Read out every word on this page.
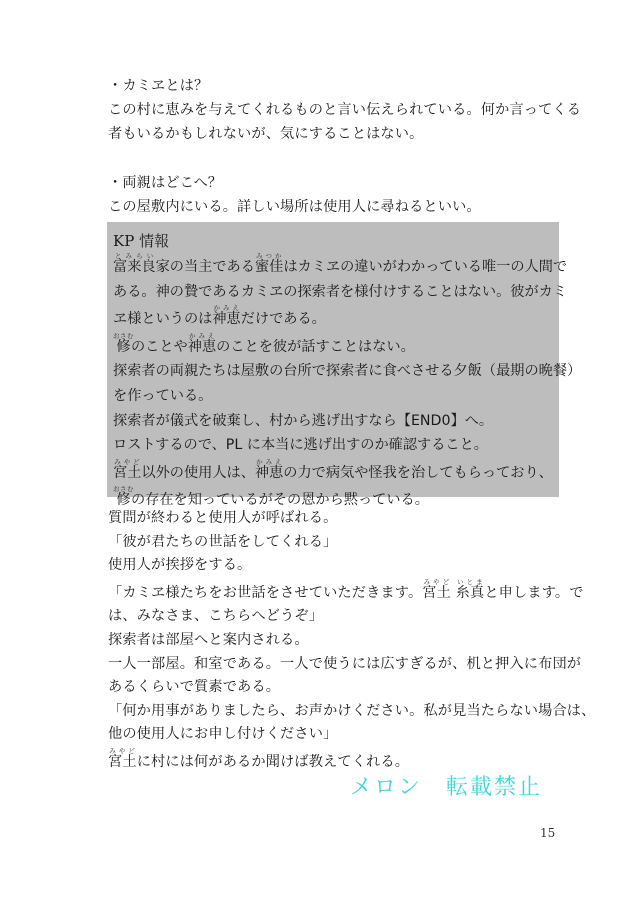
・カミヱとは？
この村に恵みを与えてくれるものと言い伝えられている。何か言ってくる
者もいるかもしれないが、気にすることはない。
・両親はどこへ？
この屋敷内にいる。詳しい場所は使用人に尋ねるといい。
KP 情報
富来良とみらい家の当主である蜜佳みつかはカミヱの違いがわかっている唯一の人間で
ある。神の贄であるカミヱの探索者を様付けすることはない。彼がカミ
ヱ様というのは神恵かみえだけである。
修おさむのことや神恵かみえのことを彼が話すことはない。
探索者の両親たちは屋敷の台所で探索者に食べさせる夕飯（最期の晩餐）
を作っている。
探索者が儀式を破棄し、村から逃げ出すなら【END0】へ。
ロストするので、PL に本当に逃げ出すのか確認すること。
宮土みやど以外の使用人は、神恵かみえの力で病気や怪我を治してもらっており、
修おさむの存在を知っているがその恩から黙っている。
質問が終わると使用人が呼ばれる。
「彼が君たちの世話をしてくれる」
使用人が挨拶をする。
「カミヱ様たちをお世話をさせていただきます。宮土みやど 糸真いとまと申します。で
は、みなさま、こちらへどうぞ」
探索者は部屋へと案内される。
一人一部屋。和室である。一人で使うには広すぎるが、机と押入に布団が
あるくらいで質素である。
「何か用事がありましたら、お声かけください。私が見当たらない場合は、
他の使用人にお申し付けください」
宮土みやどに村には何があるか聞けば教えてくれる。
メロン　転載禁止
15
